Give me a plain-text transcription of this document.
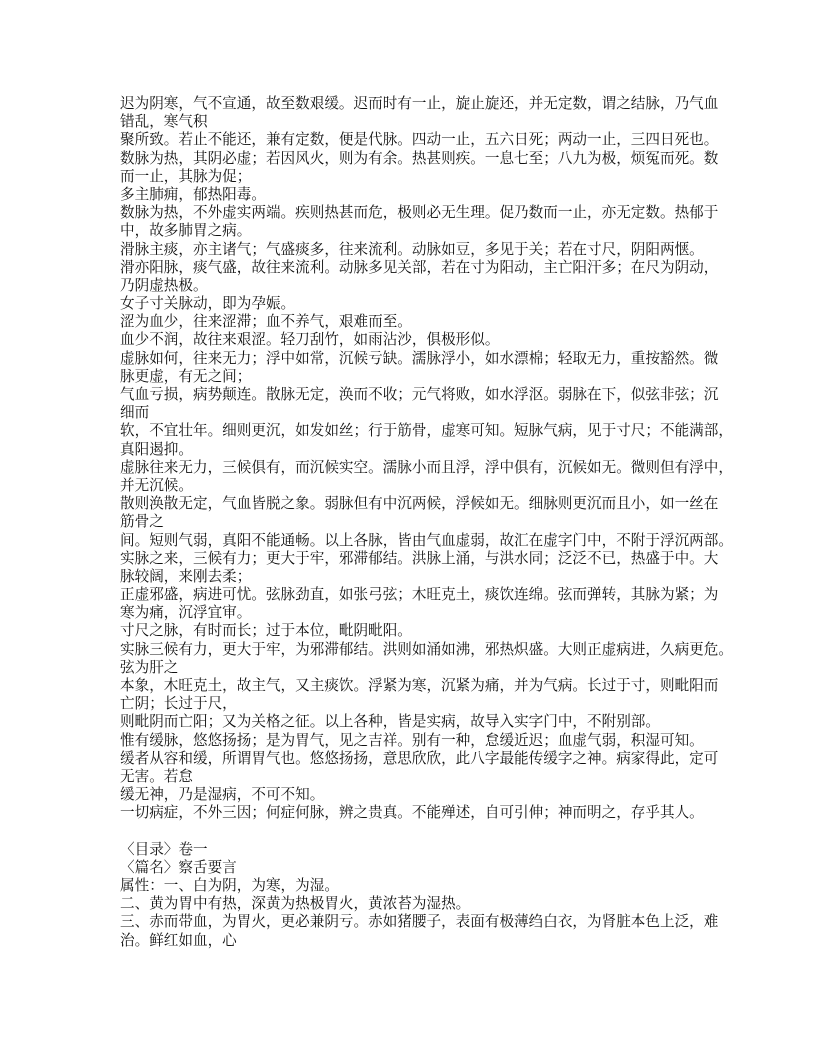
迟为阴寒，气不宣通，故至数艰缓。迟而时有一止，旋止旋还，并无定数，谓之结脉，乃气血
错乱，寒气积
聚所致。若止不能还，兼有定数，便是代脉。四动一止，五六日死；两动一止，三四日死也。
数脉为热，其阴必虚；若因风火，则为有余。热甚则疾。一息七至；八九为极，烦冤而死。数
而一止，其脉为促；
多主肺痈，郁热阳毒。
数脉为热，不外虚实两端。疾则热甚而危，极则必无生理。促乃数而一止，亦无定数。热郁于
中，故多肺胃之病。
滑脉主痰，亦主诸气；气盛痰多，往来流利。动脉如豆，多见于关；若在寸尺，阴阳两惬。
滑亦阳脉，痰气盛，故往来流利。动脉多见关部，若在寸为阳动，主亡阳汗多；在尺为阴动，
乃阴虚热极。
女子寸关脉动，即为孕娠。
涩为血少，往来涩滞；血不养气，艰难而至。
血少不润，故往来艰涩。轻刀刮竹，如雨沾沙，俱极形似。
虚脉如何，往来无力；浮中如常，沉候亏缺。濡脉浮小，如水漂棉；轻取无力，重按豁然。微
脉更虚，有无之间；
气血亏损，病势颠连。散脉无定，涣而不收；元气将败，如水浮沤。弱脉在下，似弦非弦；沉
细而
软，不宜壮年。细则更沉，如发如丝；行于筋骨，虚寒可知。短脉气病，见于寸尺；不能满部，
真阳遏抑。
虚脉往来无力，三候俱有，而沉候实空。濡脉小而且浮，浮中俱有，沉候如无。微则但有浮中，
并无沉候。
散则涣散无定，气血皆脱之象。弱脉但有中沉两候，浮候如无。细脉则更沉而且小，如一丝在
筋骨之
间。短则气弱，真阳不能通畅。以上各脉，皆由气血虚弱，故汇在虚字门中，不附于浮沉两部。
实脉之来，三候有力；更大于牢，邪滞郁结。洪脉上涌，与洪水同；泛泛不已，热盛于中。大
脉较阔，来刚去柔；
正虚邪盛，病进可忧。弦脉劲直，如张弓弦；木旺克土，痰饮连绵。弦而弹转，其脉为紧；为
寒为痛，沉浮宜审。
寸尺之脉，有时而长；过于本位，毗阴毗阳。
实脉三候有力，更大于牢，为邪滞郁结。洪则如涌如沸，邪热炽盛。大则正虚病进，久病更危。
弦为肝之
本象，木旺克土，故主气，又主痰饮。浮紧为寒，沉紧为痛，并为气病。长过于寸，则毗阳而
亡阴；长过于尺，
则毗阴而亡阳；又为关格之征。以上各种，皆是实病，故导入实字门中，不附别部。
惟有缓脉，悠悠扬扬；是为胃气，见之吉祥。别有一种，怠缓近迟；血虚气弱，积湿可知。
缓者从容和缓，所谓胃气也。悠悠扬扬，意思欣欣，此八字最能传缓字之神。病家得此，定可
无害。若怠
缓无神，乃是湿病，不可不知。
一切病症，不外三因；何症何脉，辨之贵真。不能殚述，自可引伸；神而明之，存乎其人。
〈目录〉卷一
〈篇名〉察舌要言
属性：一、白为阴，为寒，为湿。
二、黄为胃中有热，深黄为热极胃火，黄浓苔为湿热。
三、赤而带血，为胃火，更必兼阴亏。赤如猪腰子，表面有极薄绉白衣，为肾脏本色上泛，难
治。鲜红如血，心
